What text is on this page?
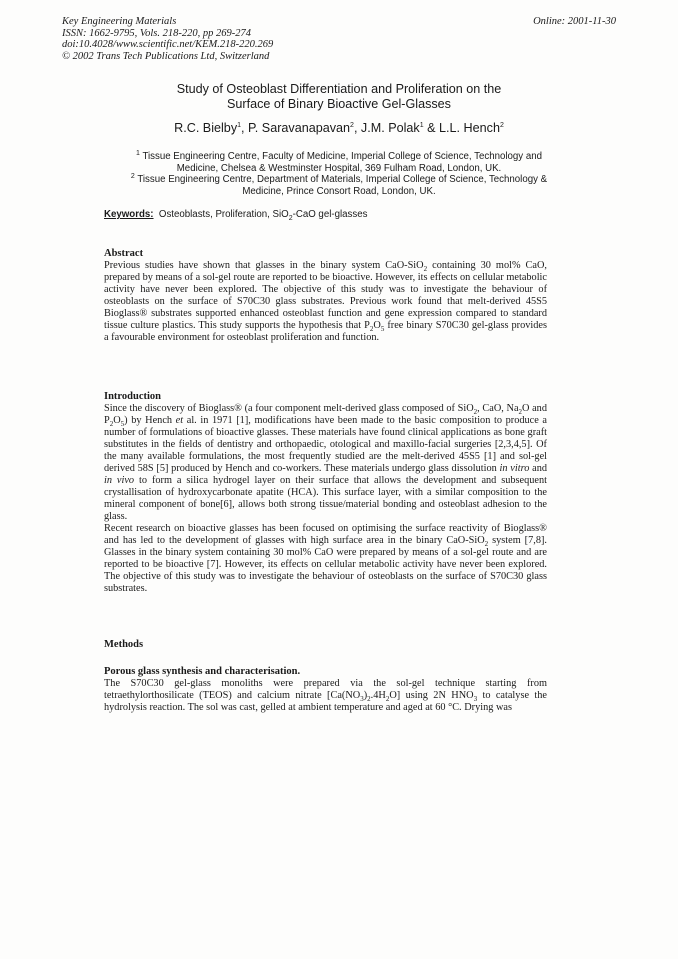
Key Engineering Materials
ISSN: 1662-9795, Vols. 218-220, pp 269-274
doi:10.4028/www.scientific.net/KEM.218-220.269
© 2002 Trans Tech Publications Ltd, Switzerland
Online: 2001-11-30
Study of Osteoblast Differentiation and Proliferation on the
Surface of Binary Bioactive Gel-Glasses
R.C. Bielby$^1$, P. Saravanapavan$^2$, J.M. Polak$^1$ & L.L. Hench$^2$
$^1$ Tissue Engineering Centre, Faculty of Medicine, Imperial College of Science, Technology and
Medicine, Chelsea & Westminster Hospital, 369 Fulham Road, London, UK.
$^2$ Tissue Engineering Centre, Department of Materials, Imperial College of Science, Technology &
Medicine, Prince Consort Road, London, UK.
Keywords: Osteoblasts, Proliferation, SiO$_2$-CaO gel-glasses
Abstract
Previous studies have shown that glasses in the binary system CaO-SiO$_2$ containing 30 mol% CaO, prepared by means of a sol-gel route are reported to be bioactive. However, its effects on cellular metabolic activity have never been explored. The objective of this study was to investigate the behaviour of osteoblasts on the surface of S70C30 glass substrates. Previous work found that melt-derived 45S5 Bioglass® substrates supported enhanced osteoblast function and gene expression compared to standard tissue culture plastics. This study supports the hypothesis that $P_2O_5$ free binary S70C30 gel-glass provides a favourable environment for osteoblast proliferation and function.
Introduction
Since the discovery of Bioglass® (a four component melt-derived glass composed of SiO$_2$, CaO, $Na_2O$ and $P_2O_5$) by Hench et al. in 1971 [1], modifications have been made to the basic composition to produce a number of formulations of bioactive glasses. These materials have found clinical applications as bone graft substitutes in the fields of dentistry and orthopaedic, otological and maxillo-facial surgeries [2,3,4,5]. Of the many available formulations, the most frequently studied are the melt-derived 45S5 [1] and sol-gel derived 58S [5] produced by Hench and co-workers. These materials undergo glass dissolution in vitro and in vivo to form a silica hydrogel layer on their surface that allows the development and subsequent crystallisation of hydroxycarbonate apatite (HCA). This surface layer, with a similar composition to the mineral component of bone[6], allows both strong tissue/material bonding and osteoblast adhesion to the glass.
Recent research on bioactive glasses has been focused on optimising the surface reactivity of Bioglass® and has led to the development of glasses with high surface area in the binary CaO-SiO$_2$ system [7,8]. Glasses in the binary system containing 30 mol% CaO were prepared by means of a sol-gel route and are reported to be bioactive [7]. However, its effects on cellular metabolic activity have never been explored. The objective of this study was to investigate the behaviour of osteoblasts on the surface of S70C30 glass substrates.
Methods
Porous glass synthesis and characterisation.
The S70C30 gel-glass monoliths were prepared via the sol-gel technique starting from tetraethylorthosilicate (TEOS) and calcium nitrate $[Ca(NO_3)_2.4H_2O]$ using 2N $HNO_3$ to catalyse the hydrolysis reaction. The sol was cast, gelled at ambient temperature and aged at 60 °C. Drying was
